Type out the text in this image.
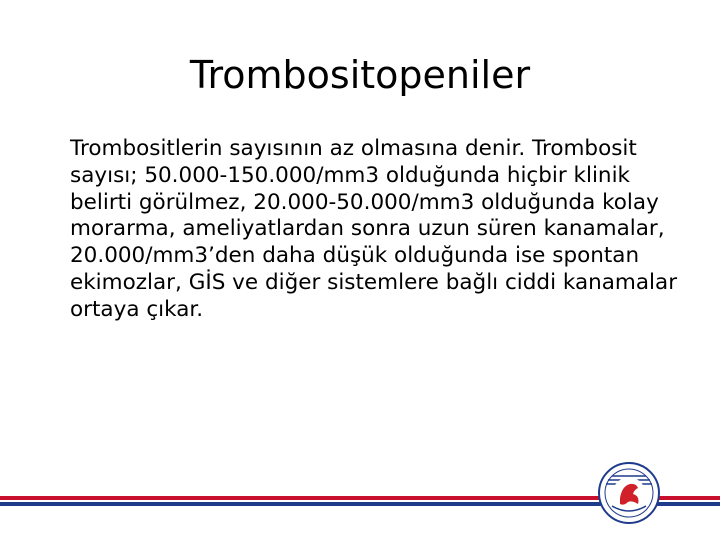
Trombositopeniler

Trombositlerin sayısının az olmasına denir. Trombosit sayısı; 50.000-150.000/mm3 olduğunda hiçbir klinik belirti görülmez, 20.000-50.000/mm3 olduğunda kolay morarma, ameliyatlardan sonra uzun süren kanamalar, 20.000/mm3’den daha düşük olduğunda ise spontan ekimozlar, GİS ve diğer sistemlere bağlı ciddi kanamalar ortaya çıkar.
